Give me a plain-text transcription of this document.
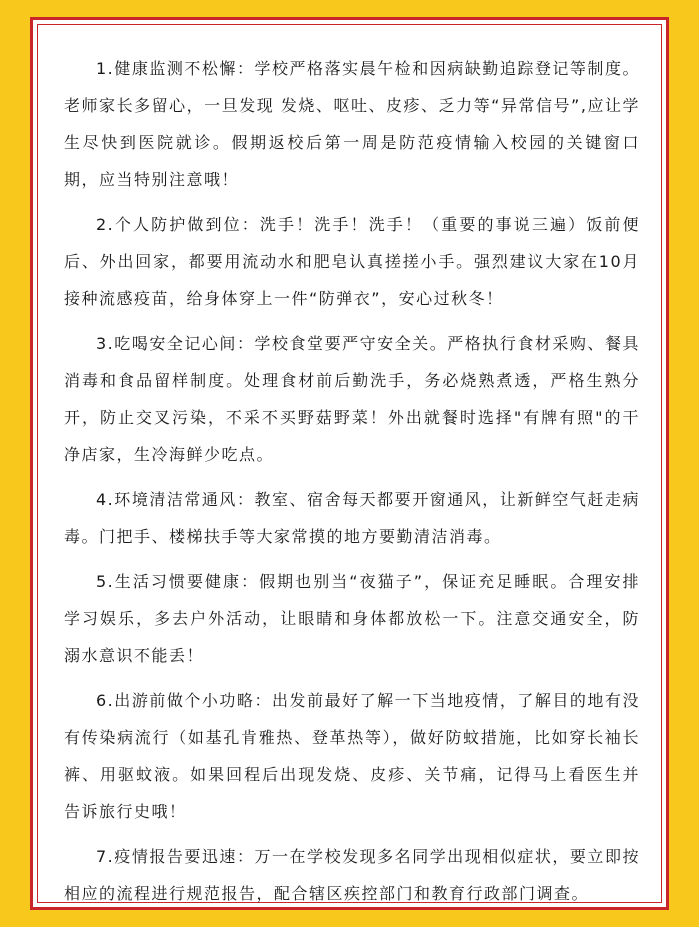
1.健康监测不松懈：学校严格落实晨午检和因病缺勤追踪登记等制度。老师家长多留心，一旦发现 发烧、呕吐、皮疹、乏力等“异常信号”,应让学生尽快到医院就诊。假期返校后第一周是防范疫情输入校园的关键窗口期，应当特别注意哦！

2.个人防护做到位：洗手！洗手！洗手！（重要的事说三遍）饭前便后、外出回家，都要用流动水和肥皂认真搓搓小手。强烈建议大家在10月接种流感疫苗，给身体穿上一件“防弹衣”，安心过秋冬！

3.吃喝安全记心间：学校食堂要严守安全关。严格执行食材采购、餐具消毒和食品留样制度。处理食材前后勤洗手，务必烧熟煮透，严格生熟分开，防止交叉污染，不采不买野菇野菜！外出就餐时选择"有牌有照"的干净店家，生冷海鲜少吃点。

4.环境清洁常通风：教室、宿舍每天都要开窗通风，让新鲜空气赶走病毒。门把手、楼梯扶手等大家常摸的地方要勤清洁消毒。

5.生活习惯要健康：假期也别当“夜猫子”，保证充足睡眠。合理安排学习娱乐，多去户外活动，让眼睛和身体都放松一下。注意交通安全，防溺水意识不能丢！

6.出游前做个小功略：出发前最好了解一下当地疫情，了解目的地有没有传染病流行（如基孔肯雅热、登革热等），做好防蚊措施，比如穿长袖长裤、用驱蚊液。如果回程后出现发烧、皮疹、关节痛，记得马上看医生并告诉旅行史哦！

7.疫情报告要迅速：万一在学校发现多名同学出现相似症状，要立即按相应的流程进行规范报告，配合辖区疾控部门和教育行政部门调查。
